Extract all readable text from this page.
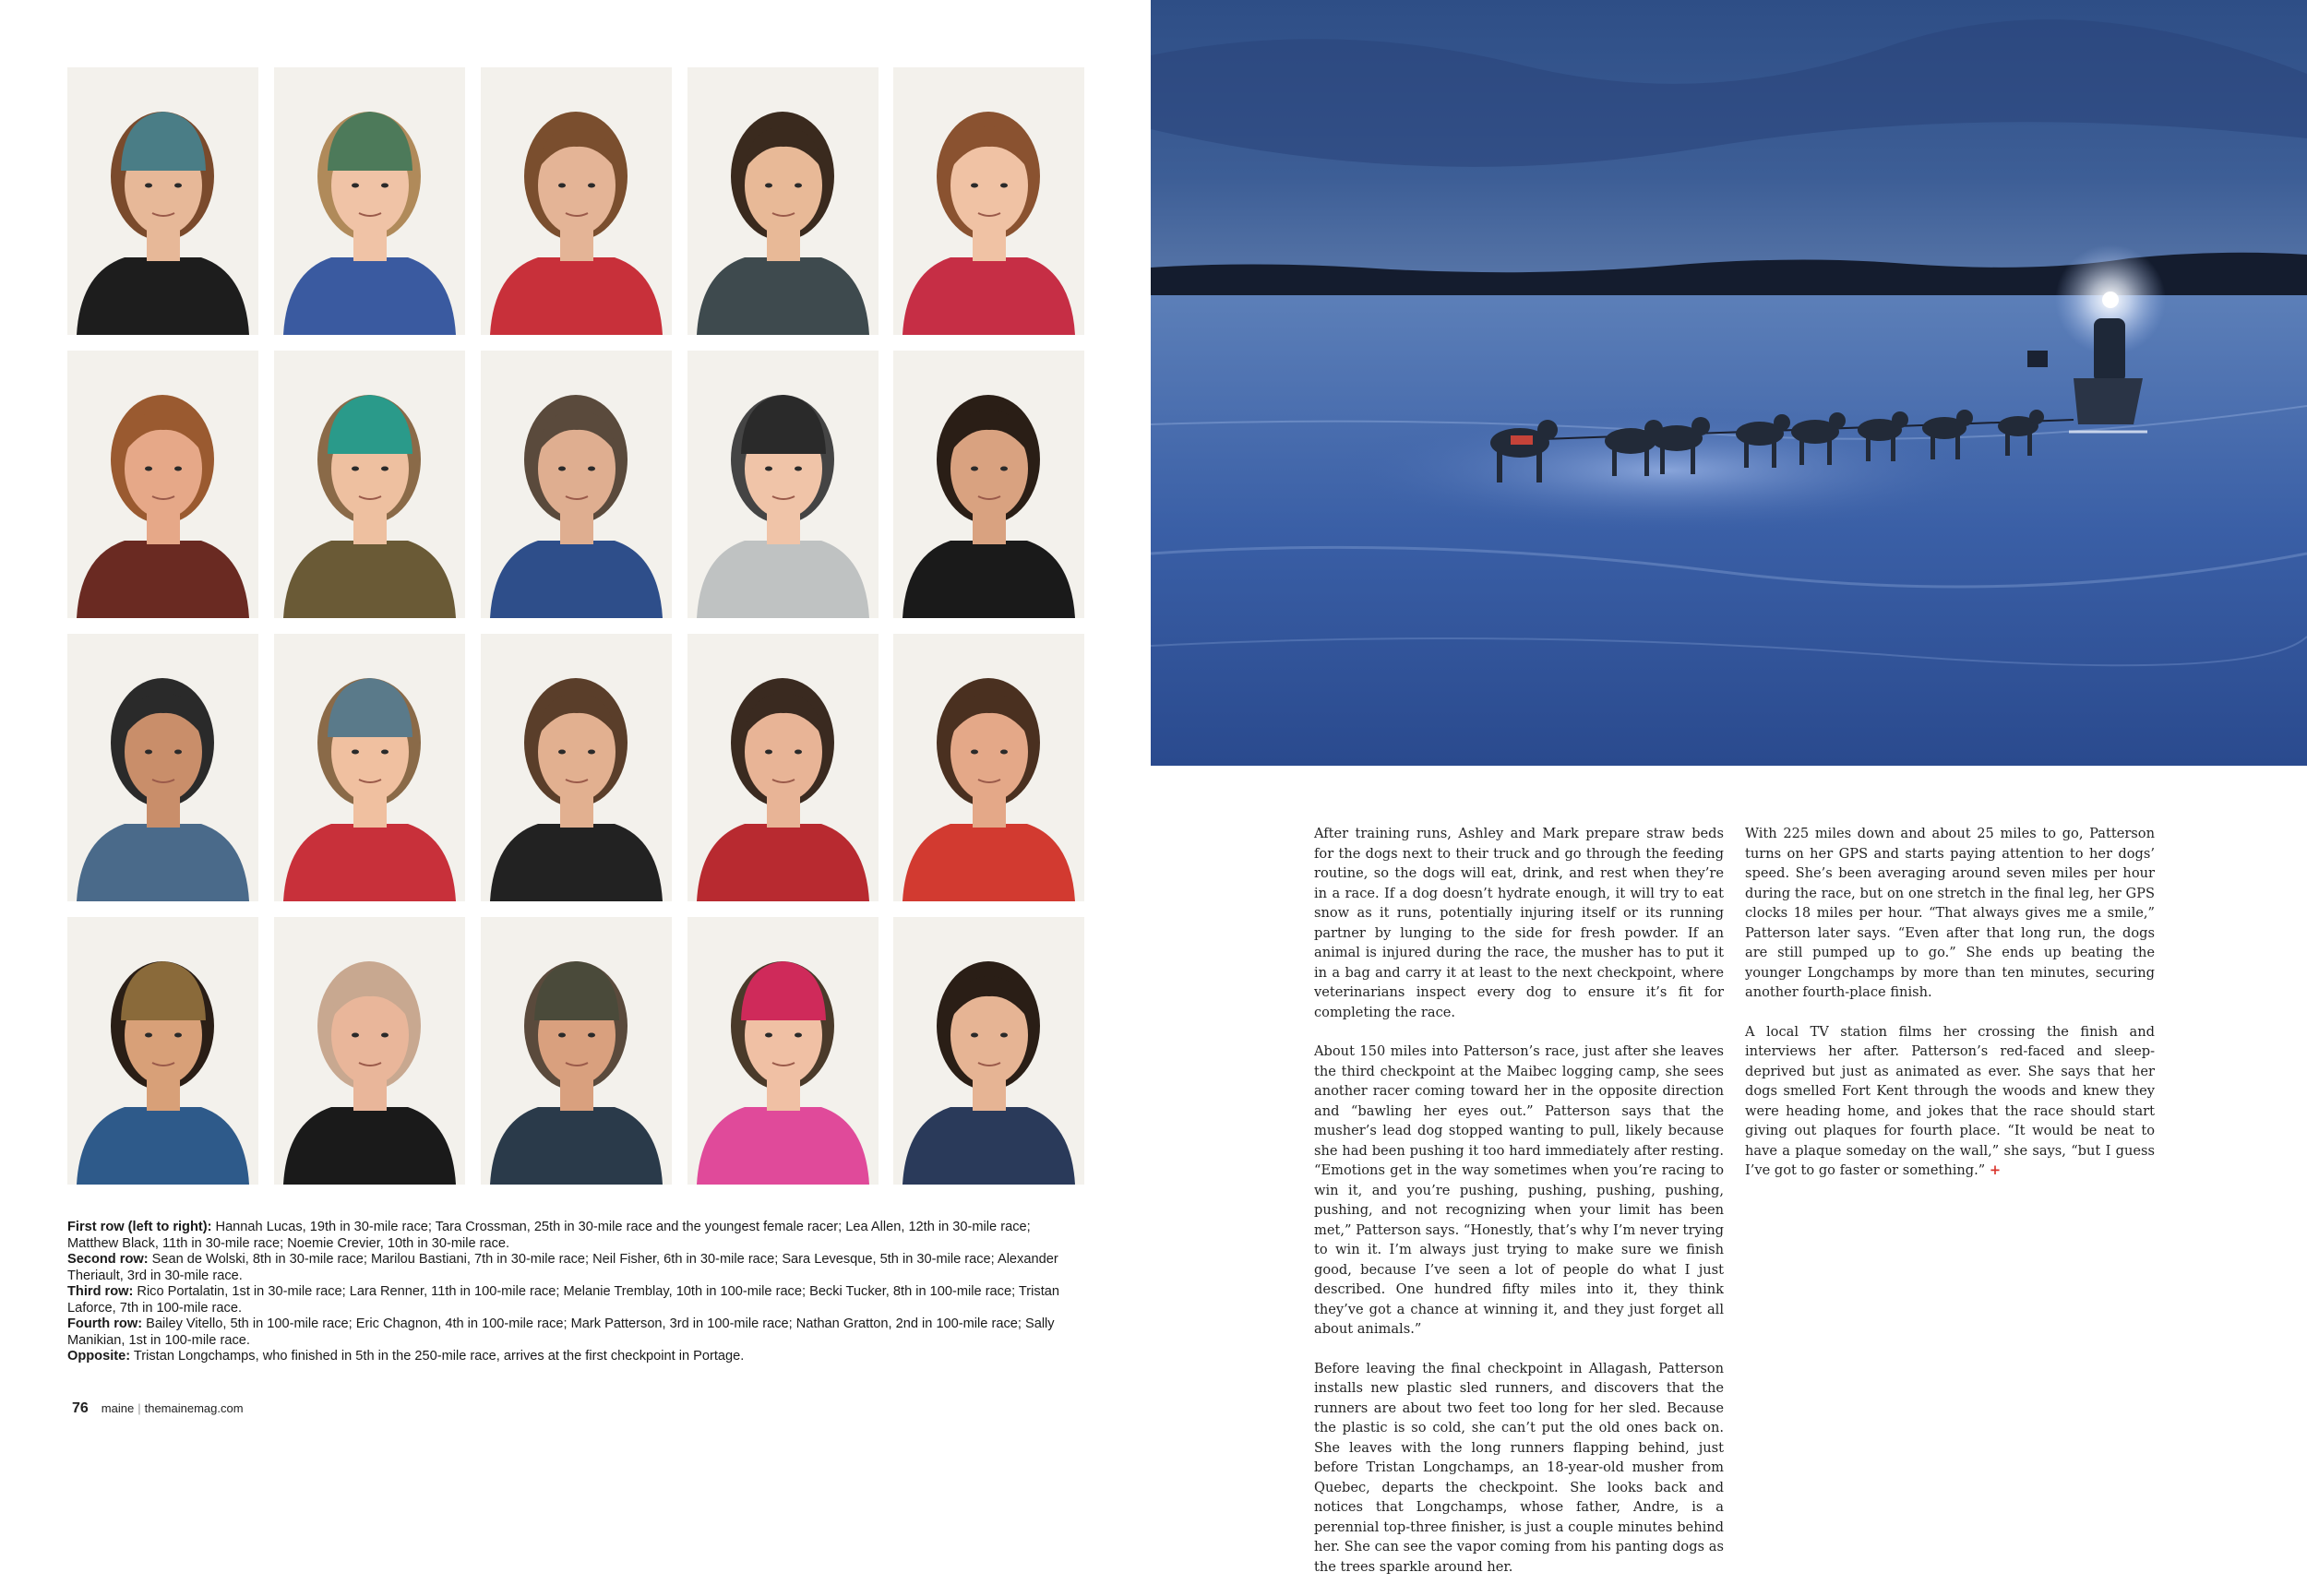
First row (left to right): Hannah Lucas, 19th in 30-mile race; Tara Crossman, 25th in 30-mile race and the youngest female racer; Lea Allen, 12th in 30-mile race; Matthew Black, 11th in 30-mile race; Noemie Crevier, 10th in 30-mile race.

Second row: Sean de Wolski, 8th in 30-mile race; Marilou Bastiani, 7th in 30-mile race; Neil Fisher, 6th in 30-mile race; Sara Levesque, 5th in 30-mile race; Alexander Theriault, 3rd in 30-mile race.

Third row: Rico Portalatin, 1st in 30-mile race; Lara Renner, 11th in 100-mile race; Melanie Tremblay, 10th in 100-mile race; Becki Tucker, 8th in 100-mile race; Tristan Laforce, 7th in 100-mile race.

Fourth row: Bailey Vitello, 5th in 100-mile race; Eric Chagnon, 4th in 100-mile race; Mark Patterson, 3rd in 100-mile race; Nathan Gratton, 2nd in 100-mile race; Sally Manikian, 1st in 100-mile race.

Opposite: Tristan Longchamps, who finished in 5th in the 250-mile race, arrives at the first checkpoint in Portage.

76 maine | themainemag.com

After training runs, Ashley and Mark prepare straw beds for the dogs next to their truck and go through the feeding routine, so the dogs will eat, drink, and rest when they’re in a race. If a dog doesn’t hydrate enough, it will try to eat snow as it runs, potentially injuring itself or its running partner by lunging to the side for fresh powder. If an animal is injured during the race, the musher has to put it in a bag and carry it at least to the next checkpoint, where veterinarians inspect every dog to ensure it’s fit for completing the race.

About 150 miles into Patterson’s race, just after she leaves the third checkpoint at the Maibec logging camp, she sees another racer coming toward her in the opposite direction and “bawling her eyes out.” Patterson says that the musher’s lead dog stopped wanting to pull, likely because she had been pushing it too hard immediately after resting. “Emotions get in the way sometimes when you’re racing to win it, and you’re pushing, pushing, pushing, pushing, pushing, and not recognizing when your limit has been met,” Patterson says. “Honestly, that’s why I’m never trying to win it. I’m always just trying to make sure we finish good, because I’ve seen a lot of people do what I just described. One hundred fifty miles into it, they think they’ve got a chance at winning it, and they just forget all about animals.”

Before leaving the final checkpoint in Allagash, Patterson installs new plastic sled runners, and discovers that the runners are about two feet too long for her sled. Because the plastic is so cold, she can’t put the old ones back on. She leaves with the long runners flapping behind, just before Tristan Longchamps, an 18-year-old musher from Quebec, departs the checkpoint. She looks back and notices that Longchamps, whose father, Andre, is a perennial top-three finisher, is just a couple minutes behind her. She can see the vapor coming from his panting dogs as the trees sparkle around her.

With 225 miles down and about 25 miles to go, Patterson turns on her GPS and starts paying attention to her dogs’ speed. She’s been averaging around seven miles per hour during the race, but on one stretch in the final leg, her GPS clocks 18 miles per hour. “That always gives me a smile,” Patterson later says. “Even after that long run, the dogs are still pumped up to go.” She ends up beating the younger Longchamps by more than ten minutes, securing another fourth-place finish.

A local TV station films her crossing the finish and interviews her after. Patterson’s red-faced and sleep-deprived but just as animated as ever. She says that her dogs smelled Fort Kent through the woods and knew they were heading home, and jokes that the race should start giving out plaques for fourth place. “It would be neat to have a plaque someday on the wall,” she says, “but I guess I’ve got to go faster or something.” +
